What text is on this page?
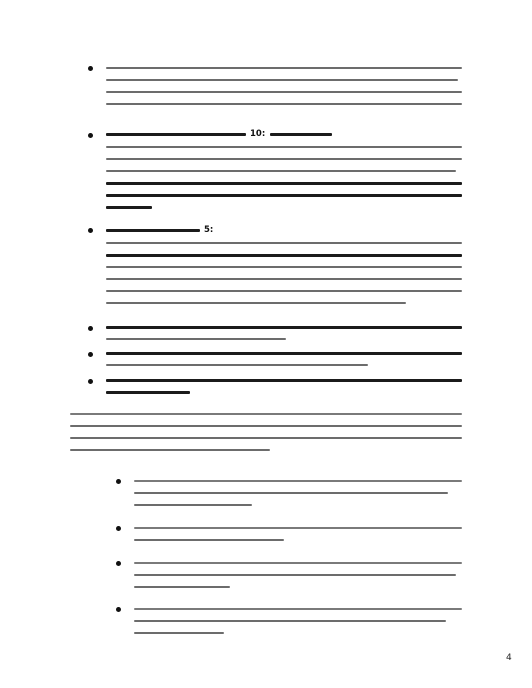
10:
5:
4
